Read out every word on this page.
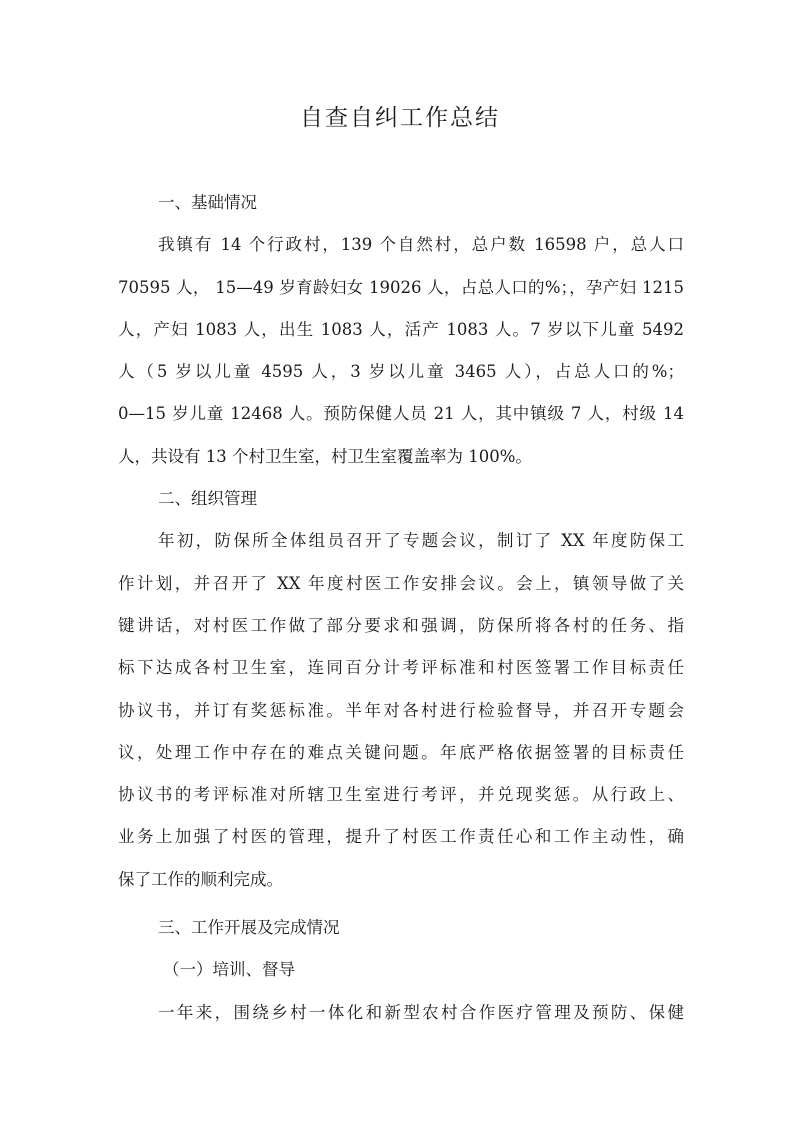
自查自纠工作总结
一、基础情况
我镇有 14 个行政村，139 个自然村，总户数 16598 户，总人口
70595 人， 15—49 岁育龄妇女 19026 人，占总人口的%；，孕产妇 1215
人，产妇 1083 人，出生 1083 人，活产 1083 人。7 岁以下儿童 5492
人（5 岁以儿童 4595 人，3 岁以儿童 3465 人），占总人口的%；
0—15 岁儿童 12468 人。预防保健人员 21 人，其中镇级 7 人，村级 14
人，共设有 13 个村卫生室，村卫生室覆盖率为 100%。
二、组织管理
年初，防保所全体组员召开了专题会议，制订了 XX 年度防保工
作计划，并召开了 XX 年度村医工作安排会议。会上，镇领导做了关
键讲话，对村医工作做了部分要求和强调，防保所将各村的任务、指
标下达成各村卫生室，连同百分计考评标准和村医签署工作目标责任
协议书，并订有奖惩标准。半年对各村进行检验督导，并召开专题会
议，处理工作中存在的难点关键问题。年底严格依据签署的目标责任
协议书的考评标准对所辖卫生室进行考评，并兑现奖惩。从行政上、
业务上加强了村医的管理，提升了村医工作责任心和工作主动性，确
保了工作的顺利完成。
三、工作开展及完成情况
（一）培训、督导
一年来，围绕乡村一体化和新型农村合作医疗管理及预防、保健
